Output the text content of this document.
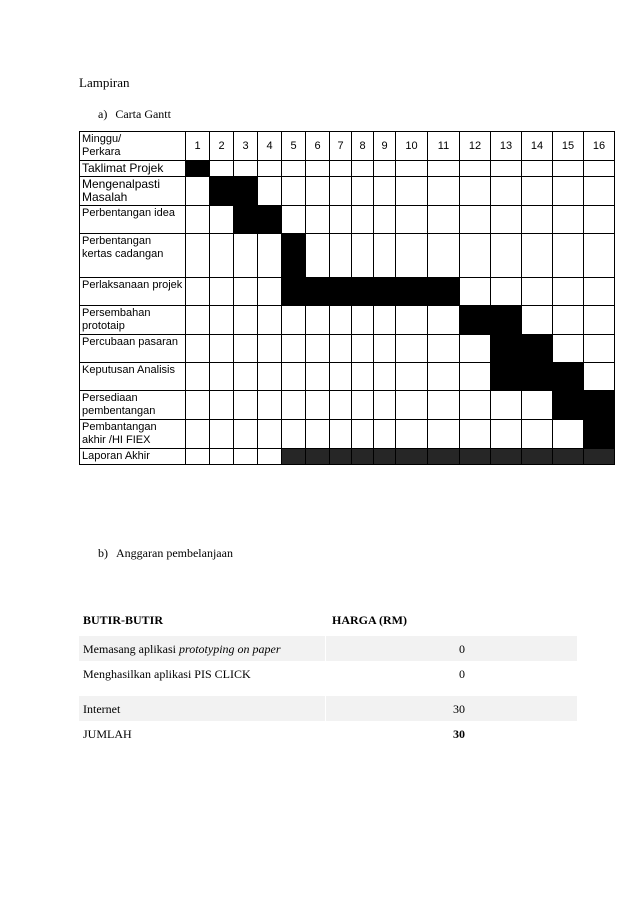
Lampiran
a) Carta Gantt
Minggu/
Perkara	1	2	3	4	5	6	7	8	9	10	11	12	13	14	15	16
Taklimat Projek																
Mengenalpasti Masalah																
Perbentangan idea																
Perbentangan kertas cadangan																
Perlaksanaan projek																
Persembahan prototaip																
Percubaan pasaran																
Keputusan Analisis																
Persediaan pembentangan																
Pembantangan akhir /HI FIEX																
Laporan Akhir																
b) Anggaran pembelanjaan
BUTIR-BUTIR	HARGA (RM)
Memasang aplikasi prototyping on paper	0
Menghasilkan aplikasi PIS CLICK	0
Internet	30
JUMLAH	30
